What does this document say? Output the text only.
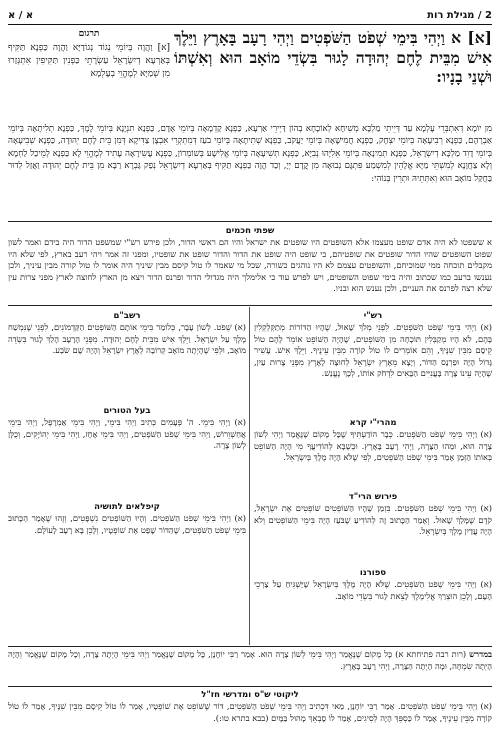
2 / מגילת רות
א / א
[א] א וַיְהִי בִּימֵי שְׁפֹט הַשֹּׁפְטִים וַיְהִי רָעָב בָּאָרֶץ וַיֵּלֶךְ אִישׁ מִבֵּית לֶחֶם יְהוּדָה לָגוּר בִּשְׂדֵי מוֹאָב הוּא וְאִשְׁתּוֹ וּשְׁנֵי בָנָיו:
תרגום
[א] וַהֲוָה בְּיוֹמֵי נְגוֹד נְגוֹדַיָּא וַהֲוָה כַּפְנָא תַּקִּיף בְּאַרְעָא דְיִשְׂרָאֵל עַשְׂרָתֵי כַּפְנִין תַּקִּיפִין אִתְגְּזַרוּ מִן שְׁמַיָּא לְמֶהֱוֵי בְעָלְמָא
מִן יוֹמָא דְאִתְבְּרֵי עָלְמָא עַד דְּיֵיתֵי מַלְכָּא מְשִׁיחָא לְאוֹכָחָא בְהוֹן דַּיְירֵי אַרְעָא, כַּפְנָא קַדְמָאָה בְּיוֹמֵי אָדָם, כַּפְנָא תִנְיָנָא בְּיוֹמֵי לֶמֶךְ, כַּפְנָא תְלִיתָאָה בְּיוֹמֵי אַבְרָהָם, כַּפְנָא רְבִיעָאָה בְּיוֹמֵי יִצְחָק, כַּפְנָא חֲמִישָׁאָה בְּיוֹמֵי יַעֲקֹב, כַּפְנָא שְׁתִיתָאָה בְּיוֹמֵי בֹעַז דְּמִתְקְרֵי אִבְצָן צַדִּיקָא דְּמִן בֵּית לֶחֶם יְהוּדָה, כַּפְנָא שְׁבִיעָאָה בְּיוֹמֵי דָוִד מַלְכָּא דְיִשְׂרָאֵל, כַּפְנָא תְמִינָאָה בְּיוֹמֵי אֵלִיָּהוּ נְבִיָּא, כַּפְנָא תְשִׁיעָאָה בְּיוֹמֵי אֱלִישָׁע בְּשׁוֹמְרוֹן, כַּפְנָא עֲשִׂירָאָה עָתִיד לְמֶהֱוֵי לָא כַּפְנָא לְמֵיכַל לַחְמָא וְלָא צַחֲוָנָא לְמִשְׁתֵּי מַיָּא אֱלָהֵין לְמִשְׁמַע פִּתְגָּם נְבוּאָה מִן קֳדָם יְיָ, וְכַד הֲוָה כַּפְנָא תַקִּיף בְּאַרְעָא דְיִשְׂרָאֵל נְפַק גַּבְרָא רַבָּא מִן בֵּית לֶחֶם יְהוּדָה וַאֲזַל לְדוּר בַּחֲקַל מוֹאָב הוּא וְאִתְּתֵיהּ וּתְרֵין בְּנוֹהִי:
שפתי חכמים
א ששפטו לא היה אדם שופט מעצמו אלא השופטים היו שופטים את ישראל והיו הם ראשי הדור, ולכן פירש רש"י שמשפט הדור היה בידם ואמר לשון שפוט השופטים שהיו הדור שופטים את שופטיהם, כי שופט היה שופט את הדור והדור שופט את שופטיו, ומפני זה אמר ויהי רעב בארץ, לפי שלא היו מקבלים תוכחה ממי שמוכיחם, והשופטים עצמם לא היו נוהגים כשורה, שכל מי שאמר לו טול קיסם מבין שיניך היה אומר לו טול קורה מבין עיניך, ולכן נענשו ברעב כמו שכתוב והיה בימי שפוט השופטים, ויש לפרש עוד כי אלימלך היה מגדולי הדור ופרנס הדור ויצא מן הארץ לחוצה לארץ מפני צרות עין שלא רצה לפרנס את העניים, ולכן נענש הוא ובניו.
רש"י
(א) וַיְהִי בִּימֵי שְׁפֹט הַשֹּׁפְטִים. לִפְנֵי מְלֹךְ שָׁאוּל, שֶׁהָיוּ הַדּוֹרוֹת מְתַקְּלְקְלִין בָּהֶם, לֹא הָיוּ מְקַבְּלִין תּוֹכָחָה מִן הַשּׁוֹפְטִים, שֶׁהָיָה הַשּׁוֹפֵט אוֹמֵר לָהֶם טוֹל קֵיסָם מִבֵּין שִׁנֶּיךָ, וְהֵם אוֹמְרִים לוֹ טוֹל קוֹרָה מִבֵּין עֵינֶיךָ. וַיֵּלֶךְ אִישׁ. עָשִׁיר גָּדוֹל הָיָה וּפַרְנָס הַדּוֹר, וְיָצָא מֵאֶרֶץ יִשְׂרָאֵל לְחוּצָה לָאָרֶץ מִפְּנֵי צָרוּת עַיִן, שֶׁהָיָה עֵינוֹ צָרָה בָּעֲנִיִּים הַבָּאִים לִדְחֹק אוֹתוֹ, לְכָךְ נֶעֱנַשׁ.
מהרי"י קרא
(א) וַיְהִי בִּימֵי שְׁפֹט הַשֹּׁפְטִים. כְּבָר הוֹדַעְתִּיךָ שֶׁכָּל מָקוֹם שֶׁנֶּאֱמַר וַיְהִי לְשׁוֹן צָרָה הוּא, וּמַהוּ הַצָּרָה, וַיְהִי רָעָב בָּאָרֶץ. וּכְשֶׁבָּא לְהוֹדִיעֲךָ מִי הָיָה הַשּׁוֹפֵט בְּאוֹתוֹ הַזְּמַן אָמַר בִּימֵי שְׁפֹט הַשֹּׁפְטִים, לְפִי שֶׁלֹּא הָיָה מֶלֶךְ בְּיִשְׂרָאֵל.
פירוש הרי"ד
(א) וַיְהִי בִּימֵי שְׁפֹט הַשֹּׁפְטִים. בִּזְמַן שֶׁהָיוּ הַשּׁוֹפְטִים שׁוֹפְטִים אֶת יִשְׂרָאֵל, קֹדֶם שֶׁמָּלַךְ שָׁאוּל. וְאָמַר הַכָּתוּב זֶה לְהוֹדִיעַ שֶׁבֹּעַז הָיָה בִּימֵי הַשּׁוֹפְטִים וְלֹא הָיָה עֲדַיִן מֶלֶךְ בְּיִשְׂרָאֵל.
ספורנו
(א) וַיְהִי בִּימֵי שְׁפֹט הַשֹּׁפְטִים. שֶׁלֹּא הָיָה מֶלֶךְ בְּיִשְׂרָאֵל שֶׁיַּשְׁגִּיחַ עַל צָרְכֵי הָעָם, וְלָכֵן הוּצְרַךְ אֱלִימֶלֶךְ לָצֵאת לָגוּר בִּשְׂדֵי מוֹאָב.
רשב"ם
(א) שְׁפֹט. לְשׁוֹן עָבָר, כְּלוֹמַר בִּימֵי אוֹתָם הַשּׁוֹפְטִים הַקַּדְמוֹנִים, לִפְנֵי שֶׁנִּמְשַׁח מֶלֶךְ עַל יִשְׂרָאֵל. וַיֵּלֶךְ אִישׁ מִבֵּית לֶחֶם יְהוּדָה. מִפְּנֵי הָרָעָב הָלַךְ לָגוּר בִּשְׂדֵה מוֹאָב, וּלְפִי שֶׁהָיְתָה מוֹאָב קְרוֹבָה לְאֶרֶץ יִשְׂרָאֵל וְהָיָה שָׁם שֹׂבַע.
בעל הטורים
(א) וַיְהִי בִּימֵי. ה' פְּעָמִים כְּתִיב וַיְהִי בִּימֵי, וַיְהִי בִּימֵי אַמְרָפֶל, וַיְהִי בִּימֵי אֲחַשְׁוֵרוֹשׁ, וַיְהִי בִּימֵי שְׁפֹט הַשֹּׁפְטִים, וַיְהִי בִּימֵי אָחָז, וַיְהִי בִּימֵי יְהוֹיָקִים, וְכֻלָּן לְשׁוֹן צָרָה.
קיפלאים לתושיה
(א) וַיְהִי בִּימֵי שְׁפֹט הַשֹּׁפְטִים. וְהָיוּ הַשּׁוֹפְטִים נִשְׁפָּטִים, וְזֶהוּ שֶׁאָמַר הַכָּתוּב בִּימֵי שְׁפֹט הַשֹּׁפְטִים, שֶׁהַדּוֹר שָׁפַט אֶת שׁוֹפְטָיו, וְלָכֵן בָּא רָעָב לָעוֹלָם.
במדרש (רות רבה פתיחתא א) כָּל מָקוֹם שֶׁנֶּאֱמַר וַיְהִי בִּימֵי לְשׁוֹן צָרָה הוּא. אָמַר רַבִּי יוֹחָנָן, כָּל מָקוֹם שֶׁנֶּאֱמַר וַיְהִי בִּימֵי הָיְתָה צָרָה, וְכָל מָקוֹם שֶׁנֶּאֱמַר וְהָיָה הָיְתָה שִׂמְחָה, וּמָה הָיְתָה הַצָּרָה, וַיְהִי רָעָב בָּאָרֶץ.
ליקוטי ש"ס ומדרשי חז"ל
(א) וַיְהִי בִּימֵי שְׁפֹט הַשֹּׁפְטִים. אָמַר רַבִּי יוֹחָנָן, מַאי דִּכְתִיב וַיְהִי בִּימֵי שְׁפֹט הַשֹּׁפְטִים, דּוֹר שֶׁשּׁוֹפֵט אֶת שׁוֹפְטָיו, אָמַר לוֹ טוֹל קֵיסָם מִבֵּין שִׁנֶּיךָ, אָמַר לוֹ טוֹל קוֹרָה מִבֵּין עֵינֶיךָ, אָמַר לוֹ כַּסְפֵּךְ הָיָה לְסִיגִים, אָמַר לוֹ סָבְאֵךְ מָהוּל בַּמָּיִם (בבא בתרא טו:).
